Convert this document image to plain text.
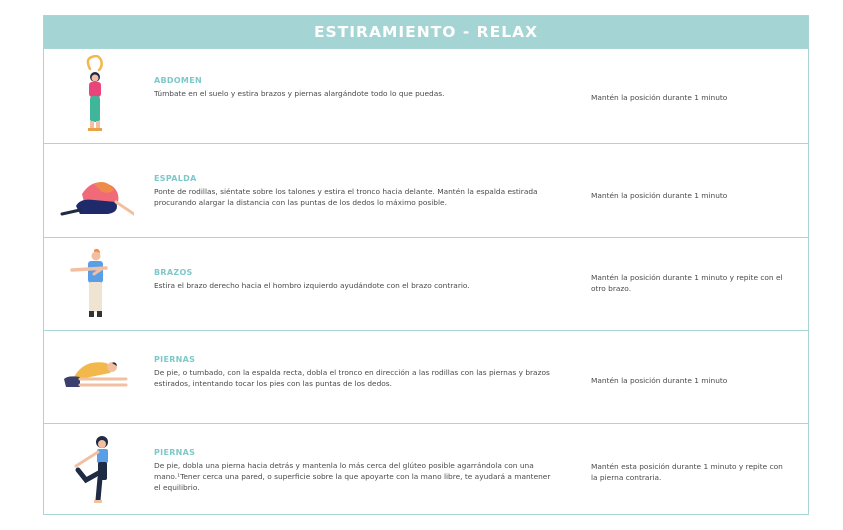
ESTIRAMIENTO - RELAX
ABDOMEN
Túmbate en el suelo y estira brazos y piernas alargándote todo lo que puedas.	Mantén la posición durante 1 minuto
ESPALDA
Ponte de rodillas, siéntate sobre los talones y estira el tronco hacia delante. Mantén la espalda estirada procurando alargar la distancia con las puntas de los dedos lo máximo posible.
Mantén la posición durante 1 minuto
BRAZOS
Estira el brazo derecho hacia el hombro izquierdo ayudándote con el brazo contrario.
Mantén la posición durante 1 minuto y repite con el otro brazo.
PIERNAS
De pie, o tumbado, con la espalda recta, dobla el tronco en dirección a las rodillas con las piernas y brazos estirados, intentando tocar los pies con las puntas de los dedos.	Mantén la posición durante 1 minuto
PIERNAS
De pie, dobla una pierna hacia detrás y mantenla lo más cerca del glúteo posible agarrándola con una mano.¹Tener cerca una pared, o superficie sobre la que apoyarte con la mano libre, te ayudará a mantener el equilibrio.
Mantén esta posición durante 1 minuto y repite con la pierna contraria.
